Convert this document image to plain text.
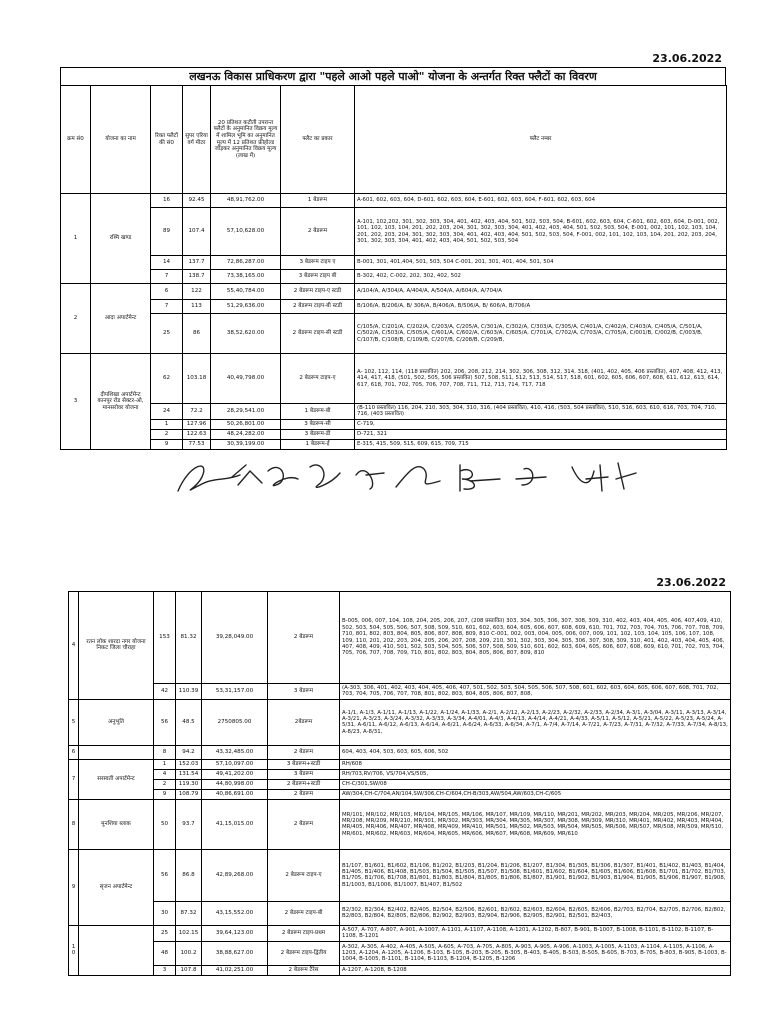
23.06.2022
लखनऊ विकास प्राधिकरण द्वारा "पहले आओ पहले पाओ" योजना के अन्तर्गत रिक्त फ्लैटों का विवरण
क्रम सं0	योजना का नाम	रिक्त फ्लैटों की सं0	सुपर एरिया वर्ग मीटर	20 प्रतिशत कटौती उपरान्त फ्लैटों के अनुमानित विक्रय मूल्य में शामिल भूमि का अनुमानित मूल्य में 12 प्रतिशत फ्रीहोल्ड जोड़कर अनुमानित विक्रय मूल्य (लाख में)	फ्लैट का प्रकार	फ्लैट नम्बर
1	रश्मि खण्ड	16	92.45	48,91,762.00	1 बेडरूम	A-601, 602, 603, 604, D-601, 602, 603, 604, E-601, 602, 603, 604, F-601, 602, 603, 604
		89	107.4	57,10,628.00	2 बेडरूम	A-101, 102,202, 301, 302, 303, 304, 401, 402, 403, 404, 501, 502, 503, 504, B-601, 602, 603, 604, C-601, 602, 603, 604, D-001, 002, 101, 102, 103, 104, 201, 202, 203, 204, 301, 302, 303, 304, 401, 402, 403, 404, 501, 502, 503, 504, E-001, 002, 101, 102, 103, 104, 201, 202, 203, 204, 301, 302, 303, 304, 401, 402, 403, 404, 501, 502, 503, 504, F-001, 002, 101, 102, 103, 104, 201, 202, 203, 204, 301, 302, 303, 304, 401, 402, 403, 404, 501, 502, 503, 504
		14	137.7	72,86,287.00	3 बेडरूम टाइप ए	B-001, 301, 401,404, 501, 503, 504 C-001, 201, 301, 401, 404, 501, 504
		7	138.7	73,38,165.00	3 बेडरूम टाइप बी	B-302, 402, C-002, 202, 302, 402, 502
2	आदा अपार्टमेन्ट	6	122	55,40,784.00	2 बेडरूम टाइप-ए स्टडी	A/104/A, A/304/A, A/404/A, A/504/A, A/604/A, A/704/A
		7	113	51,29,636.00	2 बेडरूम टाइप-बी स्टडी	B/106/A, B/206/A, B/ 306/A, B/406/A, B/506/A, B/ 606/A, B/706/A
		25	86	38,52,620.00	2 बेडरूम टाइप-सी स्टडी	C/105/A, C/201/A, C/202/A, C/203/A, C/205/A, C/301/A, C/302/A, C/303/A, C/305/A, C/401/A, C/402/A, C/403/A, C/405/A, C/501/A, C/502/A, C/503/A, C/505/A, C/601/A, C/602/A, C/603/A, C/605/A, C/701/A, C/702/A, C/703/A, C/705/A, C/001/B, C/002/B, C/003/B, C/107/B, C/108/B, C/109/B, C/207/B, C/208/B, C/209/B,
3	दीपशिखा अपार्टमेन्ट कानपुर रोड सेक्टर-ओ, मानसरोवर योजना	62	103.18	40,49,798.00	2 बेडरूम टाइप-ए	A- 102, 112, 114, (118 प्रस्तावित) 202, 206, 208, 212, 214, 302, 306, 308, 312, 314, 318, (401, 402, 405, 406 प्रस्तावित), 407, 408, 412, 413, 414, 417, 418, (501, 502, 505, 506 प्रस्तावित) 507, 508, 511, 512, 513, 514, 517, 518, 601, 602, 605, 606, 607, 608, 611, 612, 613, 614, 617, 618, 701, 702, 705, 706, 707, 708, 711, 712, 713, 714, 717, 718
		24	72.2	28,29,541.00	1 बेडरूम-बी	(B-110 प्रस्तावित) 116, 204, 210, 303, 304, 310, 316, (404 प्रस्तावित), 410, 416, (503, 504 प्रस्तावित), 510, 516, 603, 610, 616, 703, 704, 710, 716, (403 प्रस्तावित)
		1	127.96	50,26,801.00	3 बेडरूम-सी	C-719,
		2	122.63	48,24,282.00	3 बेडरूम-डी	D-721, 321
		9	77.53	30,39,199.00	1 बेडरूम-ई	E-315, 415, 509, 515, 609, 615, 709, 715
23.06.2022
4	रतन लोक शारदा नगर योजना निकट जिला चौराहा	153	81.32	39,28,049.00	2 बेडरूम	B-005, 006, 007, 104, 108, 204, 205, 206, 207, (208 प्रस्तावित) 303, 304, 305, 306, 307, 308, 309, 310, 402, 403, 404, 405, 406, 407,409, 410, 502, 503, 504, 505, 506, 507, 508, 509, 510, 601, 602, 603, 604, 605, 606, 607, 608, 609, 610, 701, 702, 703, 704, 705, 706, 707, 708, 709, 710, 801, 802, 803, 804, 805, 806, 807, 808, 809, 810 C-001, 002, 003, 004, 005, 006, 007, 009, 101, 102, 103, 104, 105, 106, 107, 108, 109, 110, 201, 202, 203, 204, 205, 206, 207, 208, 209, 210, 301, 302, 303, 304, 305, 306, 307, 308, 309, 310, 401, 402, 403, 404, 405, 406, 407, 408, 409, 410, 501, 502, 503, 504, 505, 506, 507, 508, 509, 510, 601, 602, 603, 604, 605, 606, 607, 608, 609, 610, 701, 702, 703, 704, 705, 706, 707, 708, 709, 710, 801, 802, 803, 804, 805, 806, 807, 809, 810
		42	110.39	53,31,157.00	3 बेडरूम	(A-303, 306, 401, 402, 403, 404, 405, 406, 407, 501, 502, 503, 504, 505, 506, 507, 508, 601, 602, 603, 604, 605, 606, 607, 608, 701, 702, 703, 704, 705, 706, 707, 708, 801, 802, 803, 804, 805, 806, 807, 808,
5	अनुभूति	56	48.5	2750805.00	2बेडरूम	A-1/1, A-1/3, A-1/11, A-1/13, A-1/22, A-1/24, A-1/33, A-2/1, A-2/12, A-2/13, A-2/23, A-2/32, A-2/33, A-2/34, A-3/1, A-3/04, A-3/11, A-3/13, A-3/14, A-3/21, A-3/23, A-3/24, A-3/32, A-3/33, A-3/34, A-4/01, A-4/3, A-4/13, A-4/14, A-4/21, A-4/33, A-5/11, A-5/12, A-5/21, A-5/22, A-5/23, A-5/24, A-5/31, A-6/11, A-6/12, A-6/13, A-6/14, A-6/21, A-6/24, A-6/33, A-6/34, A-7/1, A-7/4, A-7/14, A-7/21, A-7/23, A-7/31, A-7/32, A-7/33, A-7/34, A-8/13, A-8/23, A-8/31,
6		8	94.2	43,32,485.00	2 बेडरूम	604, 403, 404, 503, 603, 605, 606, 502
7	सरस्वती अपार्टमेन्ट	1	152.03	57,10,097.00	3 बेडरूम+स्टडी	RH/608
		4	131.54	49,41,202.00	3 बेडरूम	RH/703,RV/706, VS/704,VS/505,
		2	119.30	44,80,998.00	2 बेडरूम+स्टडी	CH-C/301,SW/08
		9	108.79	40,86,691.00	2 बेडरूम	AW/304,CH-C/704,AN/104,SW/306,CH-C/604,CH-B/303,AW/504,AW/603,CH-C/605
8	मुनशिया ब्लाक	50	93.7	41,15,015.00	2 बेडरूम	MR/101, MR/102, MR/103, MR/104, MR/105, MR/106, MR/107, MR/109, MR/110, MR/201, MR/202, MR/203, MR/204, MR/205, MR/206, MR/207, MR/208, MR/209, MR/210, MR/301, MR/302, MR/303, MR/304, MR/305, MR/307, MR/308, MR/309, MR/310, MR/401, MR/402, MR/403, MR/404, MR/405, MR/406, MR/407, MR/408, MR/409, MR/410, MR/501, MR/502, MR/503, MR/504, MR/505, MR/506, MR/507, MR/508, MR/509, MR/510, MR/601, MR/602, MR/603, MR/604, MR/605, MR/606, MR/607, MR/608, MR/609, MR/610
9	सृजन अपार्टमेन्ट	56	86.8	42,89,268.00	2 बेडरूम टाइप-ए	B1/107, B1/601, B1/602, B1/106, B1/202, B1/203, B1/204, B1/206, B1/207, B1/304, B1/305, B1/306, B1/307, B1/401, B1/402, B1/403, B1/404, B1/405, B1/406, B1/408, B1/503, B1/504, B1/505, B1/507, B1/508, B1/601, B1/602, B1/604, B1/605, B1/606, B1/608, B1/701, B1/702, B1/703, B1/705, B1/706, B1/708, B1/801, B1/803, B1/804, B1/805, B1/806, B1/807, B1/901, B1/902, B1/903, B1/904, B1/905, B1/906, B1/907, B1/908, B1/1003, B1/1006, B1/1007, B1/407, B1/502
		30	87.32	43,15,552.00	2 बेडरूम टाइप-बी	B2/302, B2/304, B2/402, B2/405, B2/504, B2/506, B2/601, B2/602, B2/603, B2/604, B2/605, B2/606, B2/703, B2/704, B2/705, B2/706, B2/802, B2/803, B2/804, B2/805, B2/806, B2/902, B2/903, B2/904, B2/906, B2/905, B2/901, B2/501, B2/403,
10		25	102.15	39,64,123.00	2 बेडरूम टाइप-प्रथम	A-507, A-707, A-807, A-901, A-1007, A-1101, A-1107, A-1108, A-1201, A-1202, B-807, B-901, B-1007, B-1008, B-1101, B-1102, B-1107, B-1108, B-1201
		48	100.2	38,88,627.00	2 बेडरूम टाइप-द्वितीय	A-302, A-305, A-402, A-405, A-505, A-605, A-703, A-705, A-805, A-903, A-905, A-906, A-1003, A-1005, A-1103, A-1104, A-1105, A-1106, A-1203, A-1204, A-1205, A-1206, B-103, B-105, B-203, B-205, B-305, B-403, B-405, B-503, B-505, B-605, B-703, B-705, B-803, B-905, B-1003, B-1004, B-1005, B-1101, B-1104, B-1103, B-1204, B-1205, B-1206
		3	107.8	41,02,251.00	2 बेडरूम टैरेस	A-1207, A-1208, B-1208
